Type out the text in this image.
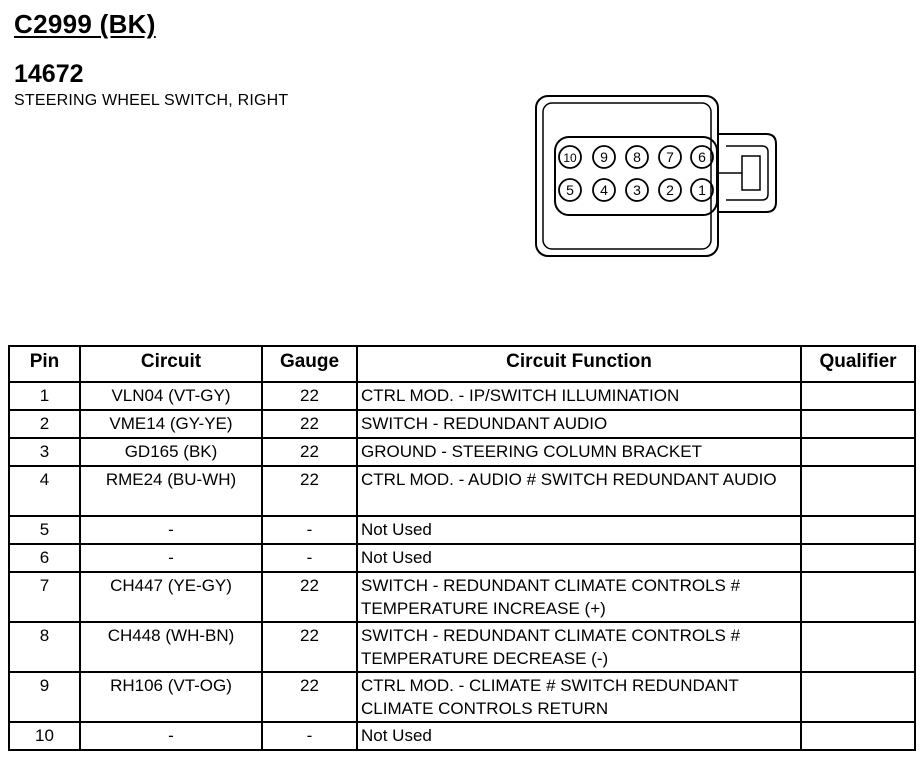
C2999 (BK)
14672
STEERING WHEEL SWITCH, RIGHT
10 9 8 7 6
5 4 3 2 1
Pin	Circuit	Gauge	Circuit Function	Qualifier
1	VLN04 (VT-GY)	22	CTRL MOD. - IP/SWITCH ILLUMINATION	
2	VME14 (GY-YE)	22	SWITCH - REDUNDANT AUDIO	
3	GD165 (BK)	22	GROUND - STEERING COLUMN BRACKET	
4	RME24 (BU-WH)	22	CTRL MOD. - AUDIO # SWITCH REDUNDANT AUDIO	
5	-	-	Not Used	
6	-	-	Not Used	
7	CH447 (YE-GY)	22	SWITCH - REDUNDANT CLIMATE CONTROLS # TEMPERATURE INCREASE (+)	
8	CH448 (WH-BN)	22	SWITCH - REDUNDANT CLIMATE CONTROLS # TEMPERATURE DECREASE (-)	
9	RH106 (VT-OG)	22	CTRL MOD. - CLIMATE # SWITCH REDUNDANT CLIMATE CONTROLS RETURN	
10	-	-	Not Used	
